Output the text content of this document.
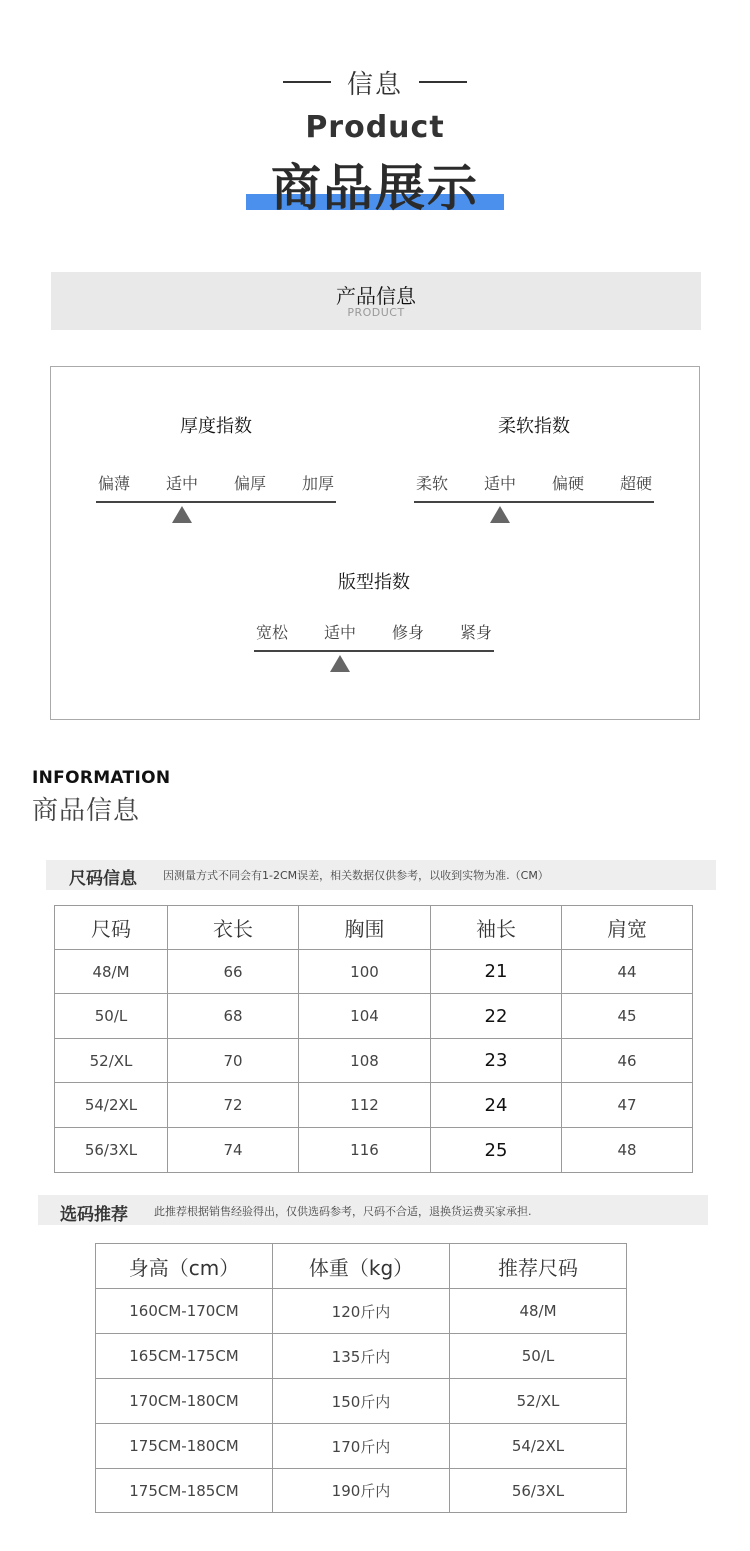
信息
Product
商品展示
产品信息
PRODUCT
厚度指数
偏薄	适中	偏厚	加厚
柔软指数
柔软	适中	偏硬	超硬
版型指数
宽松	适中	修身	紧身
INFORMATION
商品信息
尺码信息 因测量方式不同会有1-2CM误差，相关数据仅供参考，以收到实物为准.（CM）
尺码	衣长	胸围	袖长	肩宽
48/M	66	100	21	44
50/L	68	104	22	45
52/XL	70	108	23	46
54/2XL	72	112	24	47
56/3XL	74	116	25	48
选码推荐 此推荐根据销售经验得出，仅供选码参考，尺码不合适，退换货运费买家承担.
身高（cm）	体重（kg）	推荐尺码
160CM-170CM	120斤内	48/M
165CM-175CM	135斤内	50/L
170CM-180CM	150斤内	52/XL
175CM-180CM	170斤内	54/2XL
175CM-185CM	190斤内	56/3XL
